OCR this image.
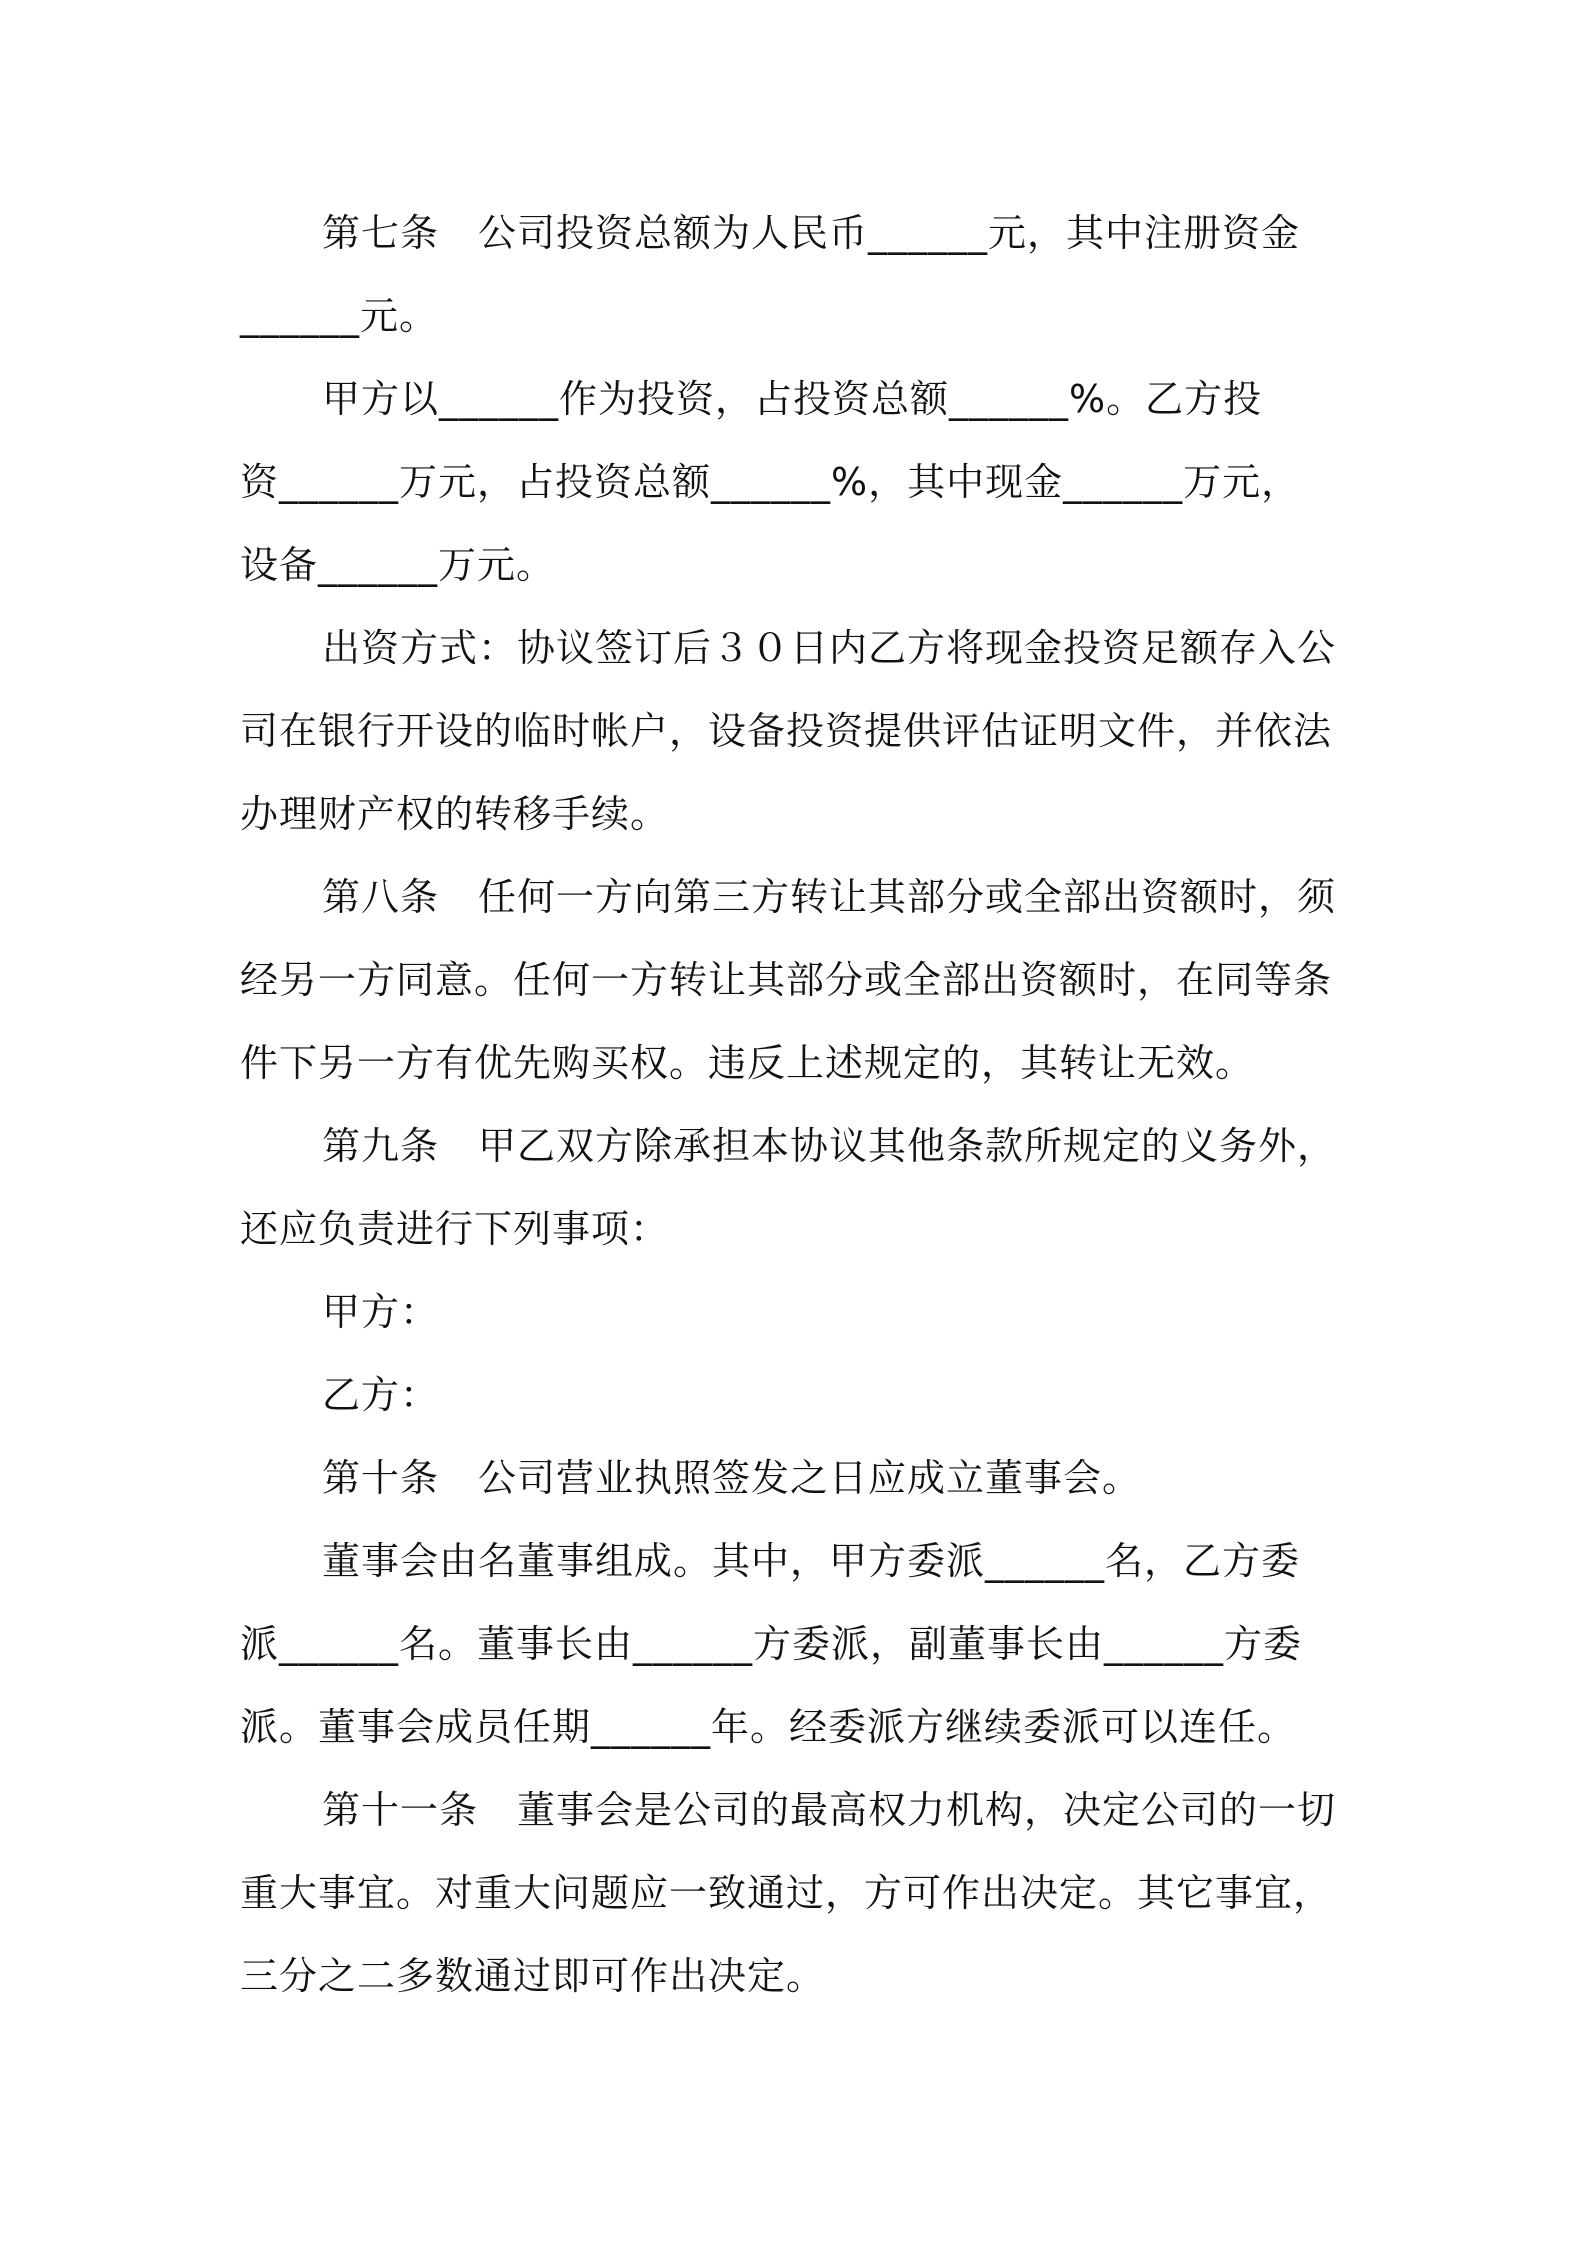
第七条　公司投资总额为人民币______元，其中注册资金

______元。

甲方以______作为投资，占投资总额______%。乙方投

资______万元，占投资总额______%，其中现金______万元，

设备______万元。

出资方式：协议签订后３０日内乙方将现金投资足额存入公

司在银行开设的临时帐户，设备投资提供评估证明文件，并依法

办理财产权的转移手续。

第八条　任何一方向第三方转让其部分或全部出资额时，须

经另一方同意。任何一方转让其部分或全部出资额时，在同等条

件下另一方有优先购买权。违反上述规定的，其转让无效。

第九条　甲乙双方除承担本协议其他条款所规定的义务外，

还应负责进行下列事项：

甲方：

乙方：

第十条　公司营业执照签发之日应成立董事会。

董事会由名董事组成。其中，甲方委派______名，乙方委

派______名。董事长由______方委派，副董事长由______方委

派。董事会成员任期______年。经委派方继续委派可以连任。

第十一条　董事会是公司的最高权力机构，决定公司的一切

重大事宜。对重大问题应一致通过，方可作出决定。其它事宜，

三分之二多数通过即可作出决定。
